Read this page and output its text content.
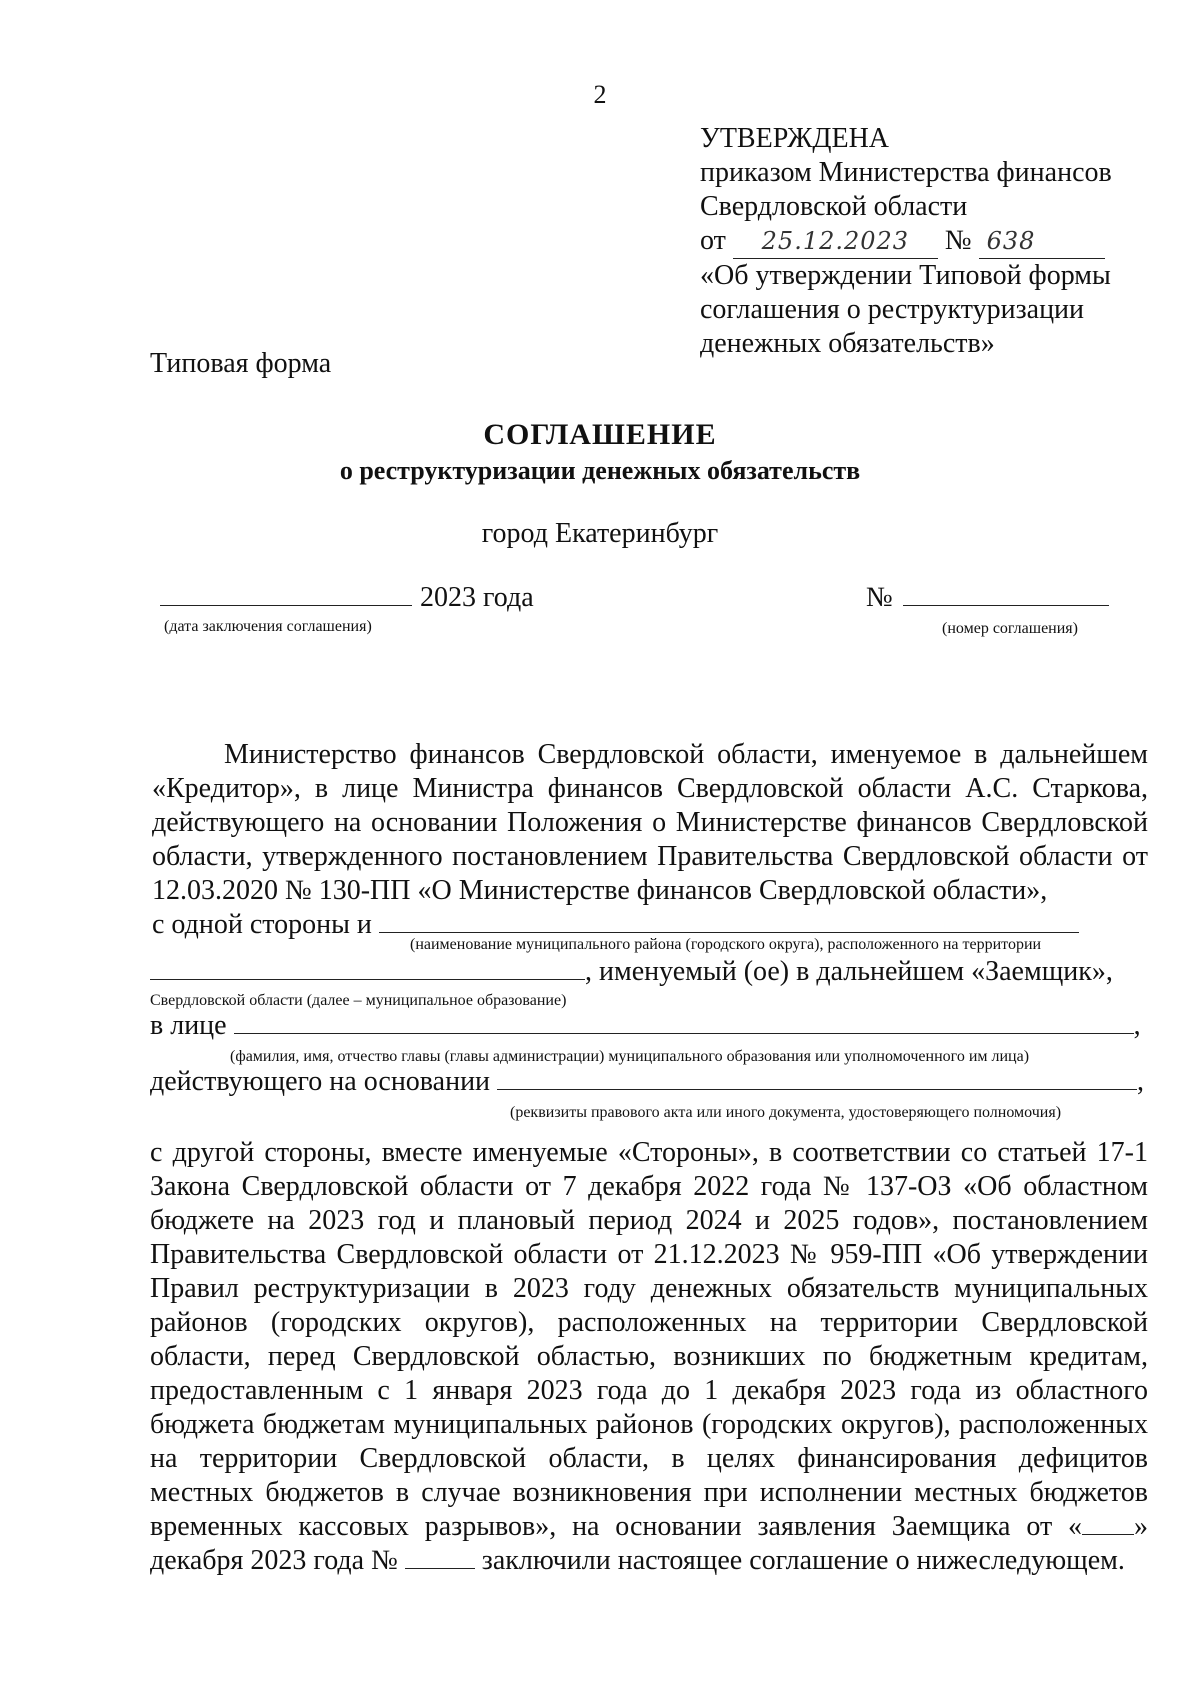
2
УТВЕРЖДЕНА
приказом Министерства финансов
Свердловской области
от 25.12.2023 № 638
«Об утверждении Типовой формы
соглашения о реструктуризации
денежных обязательств»
Типовая форма
СОГЛАШЕНИЕ
о реструктуризации денежных обязательств
город Екатеринбург
2023 года
(дата заключения соглашения)
№
(номер соглашения)
Министерство финансов Свердловской области, именуемое в дальнейшем «Кредитор», в лице Министра финансов Свердловской области А.С. Старкова, действующего на основании Положения о Министерстве финансов Свердловской области, утвержденного постановлением Правительства Свердловской области от 12.03.2020 № 130-ПП «О Министерстве финансов Свердловской области»,
с одной стороны и
(наименование муниципального района (городского округа), расположенного на территории
, именуемый (ое) в дальнейшем «Заемщик»,
Свердловской области (далее – муниципальное образование)
в лице	,
(фамилия, имя, отчество главы (главы администрации) муниципального образования или уполномоченного им лица)
действующего на основании	,
(реквизиты правового акта или иного документа, удостоверяющего полномочия)
с другой стороны, вместе именуемые «Стороны», в соответствии со статьей 17-1 Закона Свердловской области от 7 декабря 2022 года № 137-ОЗ «Об областном бюджете на 2023 год и плановый период 2024 и 2025 годов», постановлением Правительства Свердловской области от 21.12.2023 № 959-ПП «Об утверждении Правил реструктуризации в 2023 году денежных обязательств муниципальных районов (городских округов), расположенных на территории Свердловской области, перед Свердловской областью, возникших по бюджетным кредитам, предоставленным с 1 января 2023 года до 1 декабря 2023 года из областного бюджета бюджетам муниципальных районов (городских округов), расположенных на территории Свердловской области, в целях финансирования дефицитов местных бюджетов в случае возникновения при исполнении местных бюджетов временных кассовых разрывов», на основании заявления Заемщика от « » декабря 2023 года №	заключили настоящее соглашение о нижеследующем.
